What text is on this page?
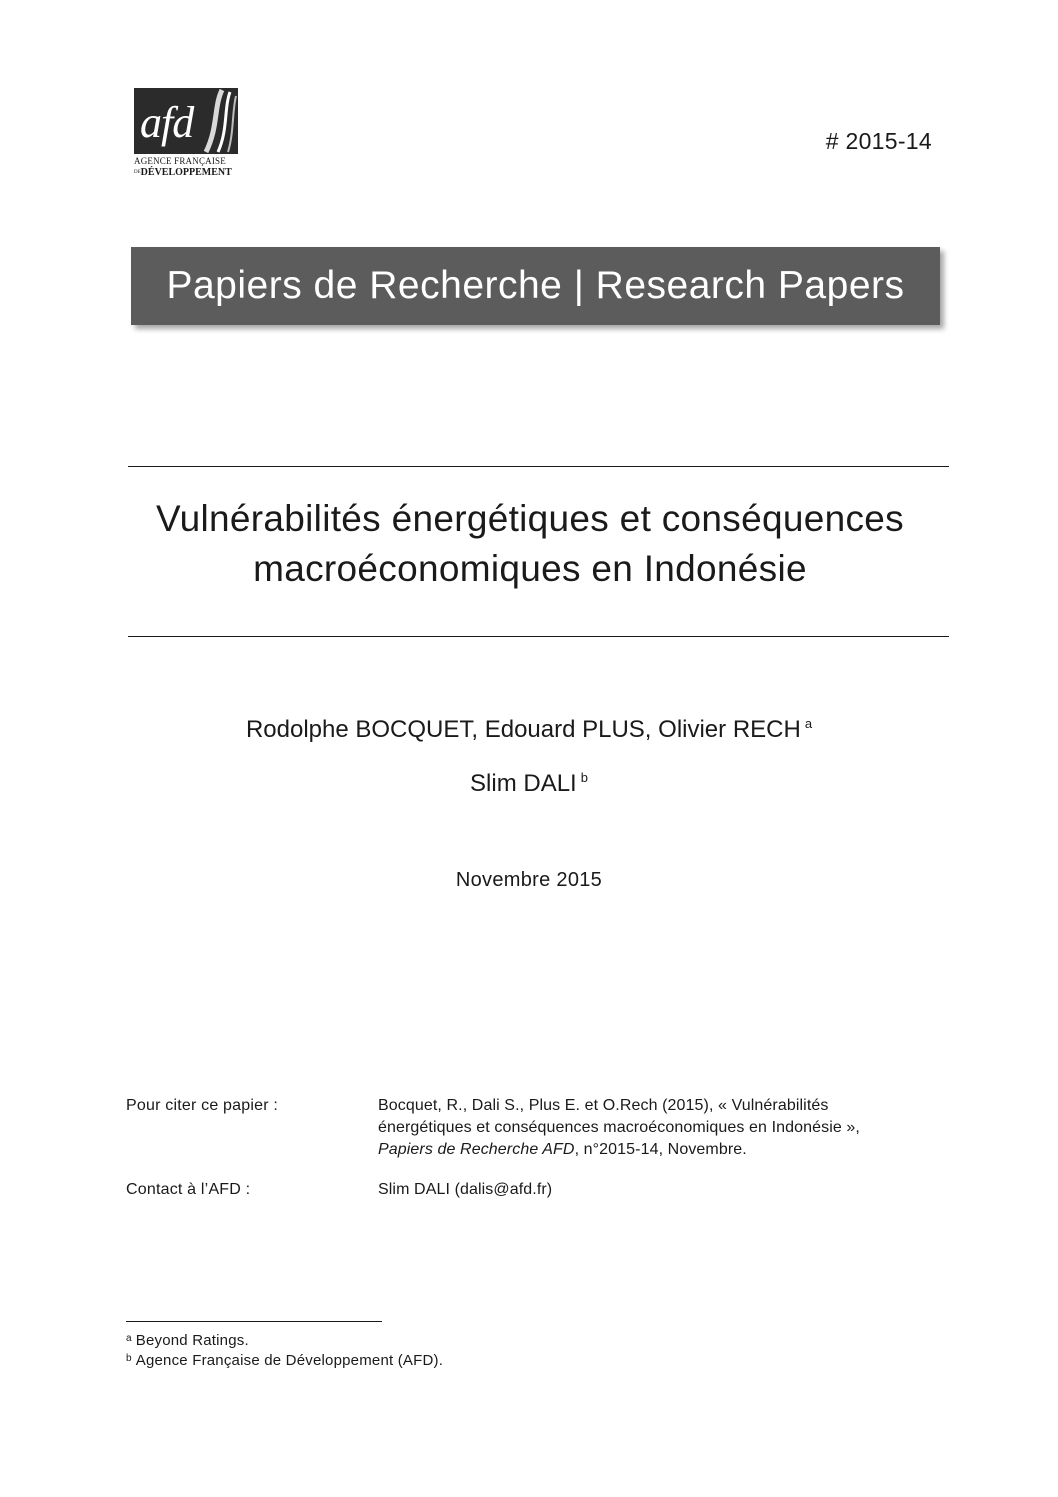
afd
AGENCE FRANÇAISE
DEDÉVELOPPEMENT
# 2015-14
Papiers de Recherche | Research Papers
Vulnérabilités énergétiques et conséquences
macroéconomiques en Indonésie
Rodolphe BOCQUET, Edouard PLUS, Olivier RECH $^a$
Slim DALI $^b$
Novembre 2015
Pour citer ce papier :	Bocquet, R., Dali S., Plus E. et O.Rech (2015), « Vulnérabilités
énergétiques et conséquences macroéconomiques en Indonésie »,
Papiers de Recherche AFD, n°2015-14, Novembre.
Contact à l’AFD :	Slim DALI (dalis@afd.fr)
$^a$ Beyond Ratings.
$^b$ Agence Française de Développement (AFD).
